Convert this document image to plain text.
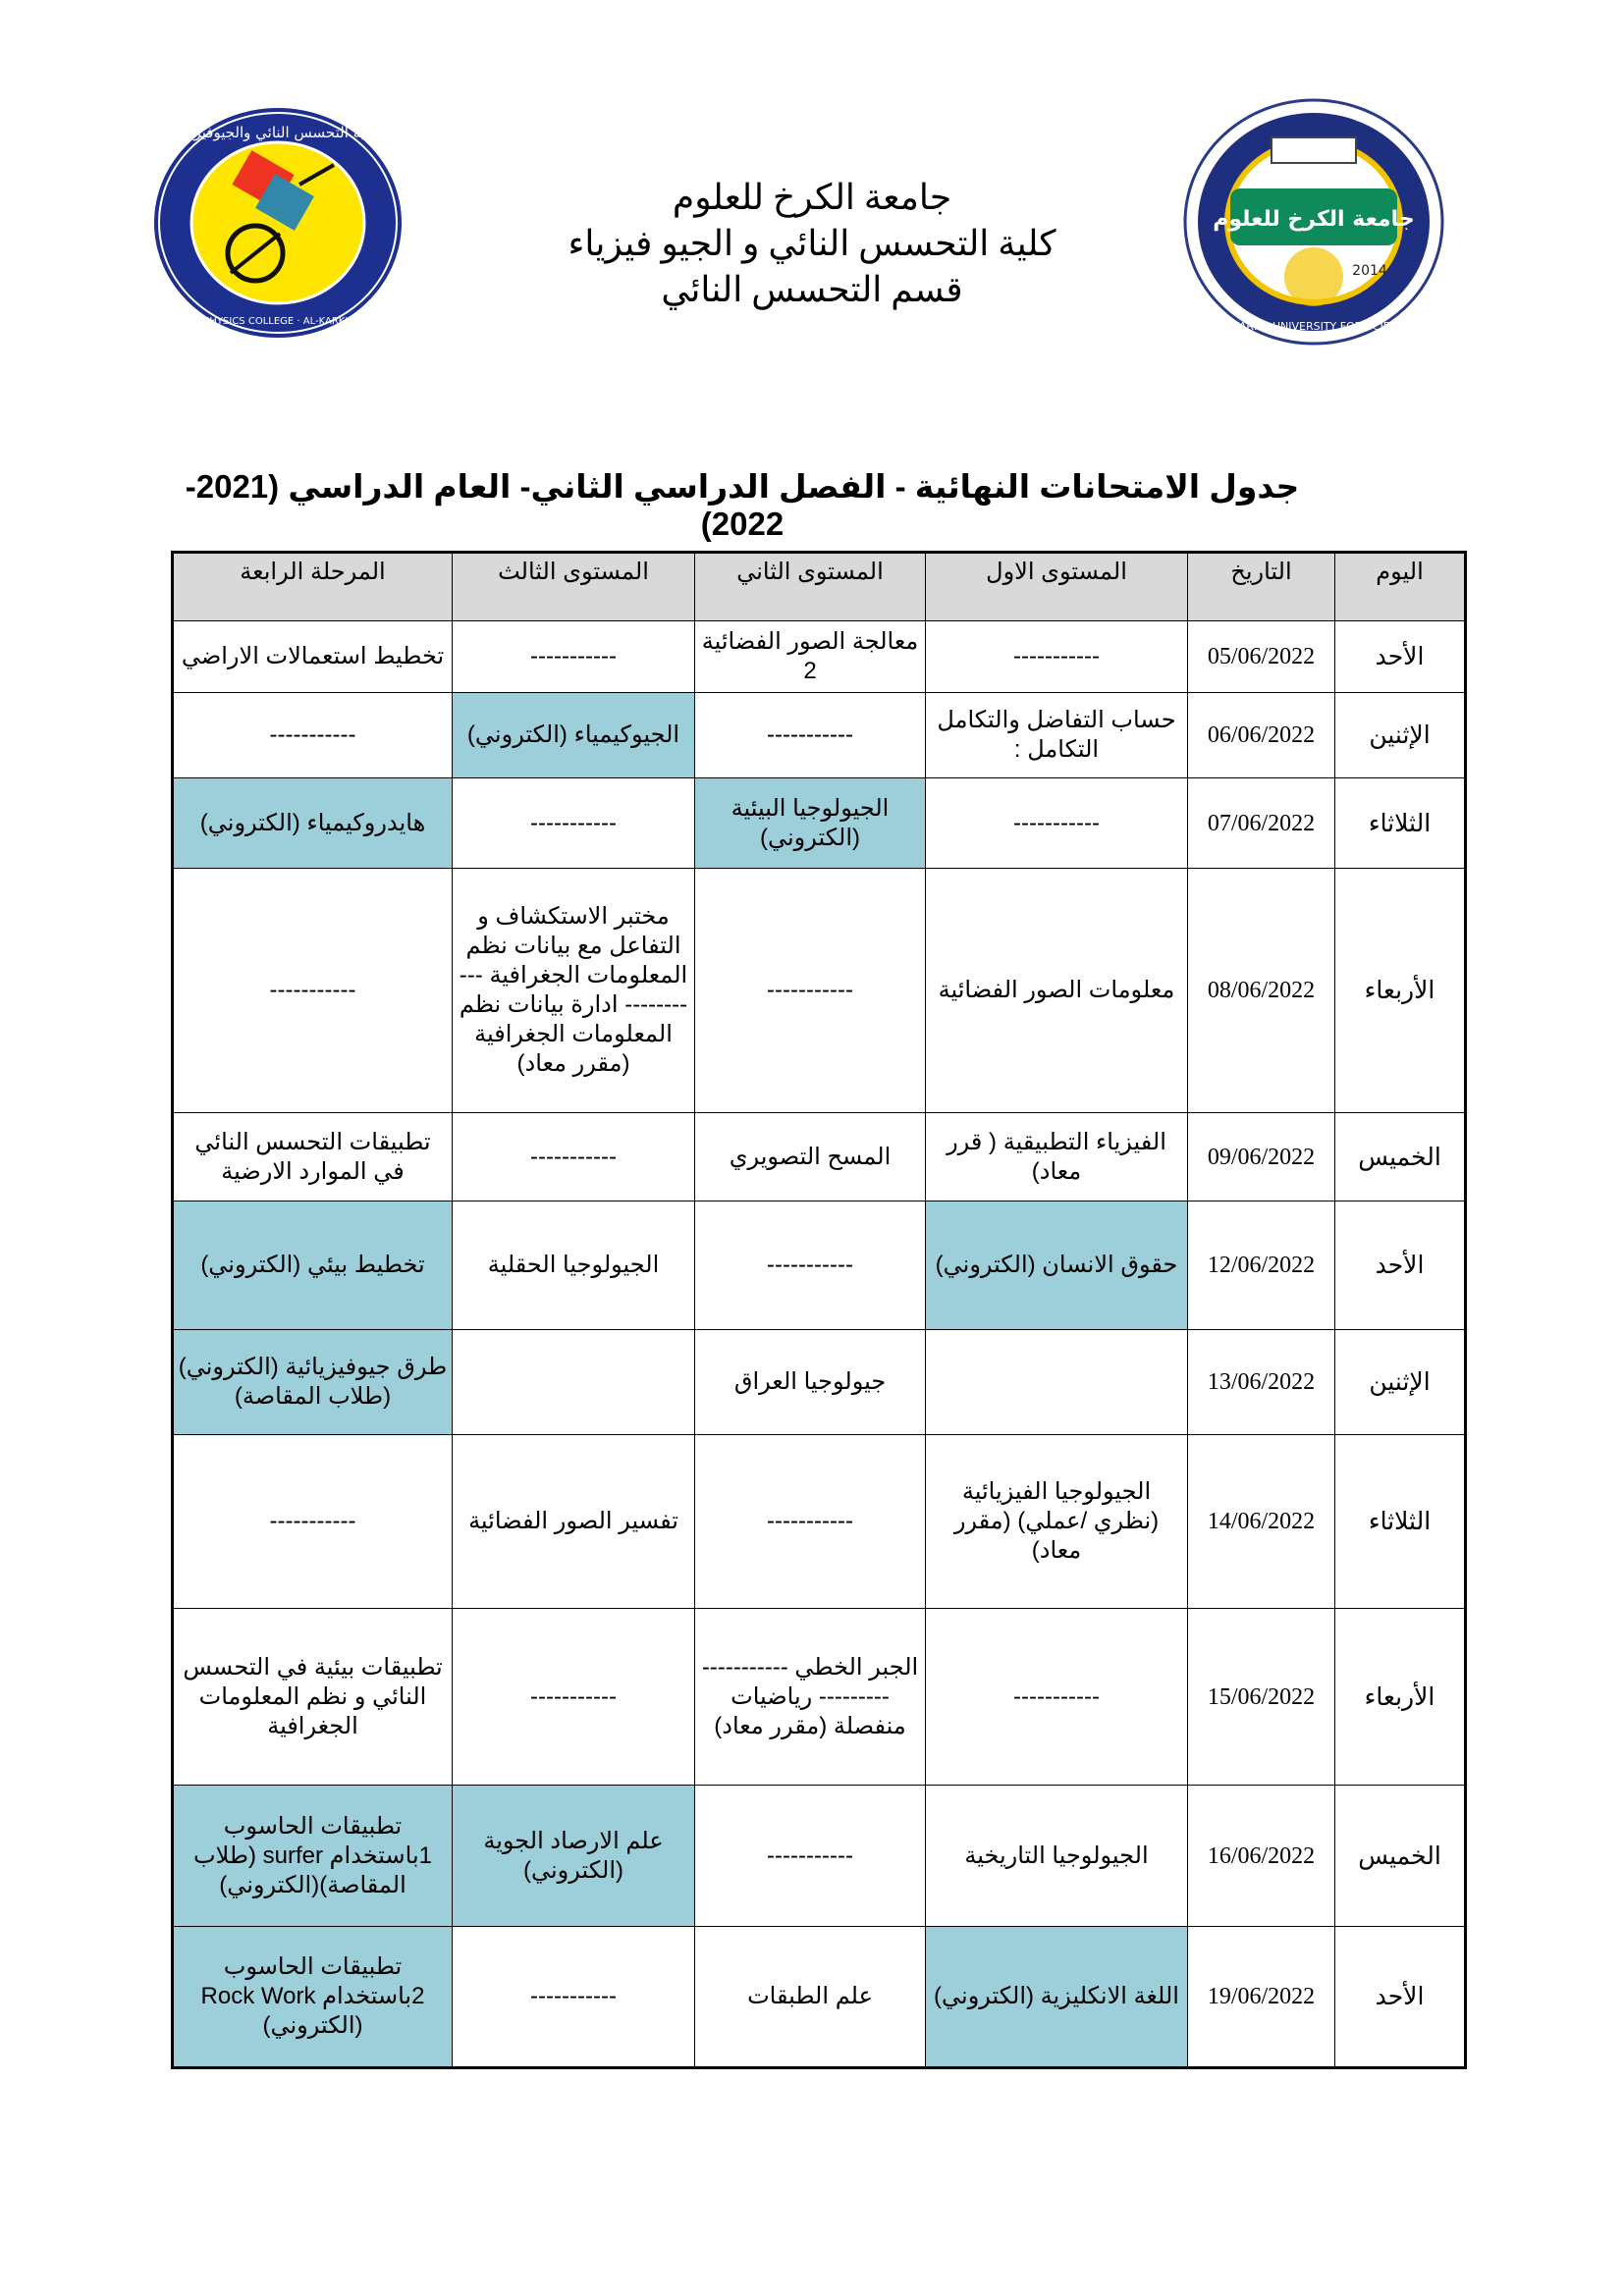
كلية التحسس النائي والجيوفيزياء
REMOTE SENSING & GEOPHYSICS COLLEGE · AL-KARKH UNIVERSITY OF SCIENCE
جامعة الكرخ للعلوم
2014
AL-KARKH UNIVERSITY FOR SCIENCE
جامعة الكرخ للعلوم
كلية التحسس النائي و الجيو فيزياء
قسم التحسس النائي
جدول الامتحانات النهائية - الفصل الدراسي الثاني- العام الدراسي (2021-2022)
اليوم	التاريخ	المستوى الاول	المستوى الثاني	المستوى الثالث	المرحلة الرابعة
الأحد	05/06/2022	-----------	معالجة الصور الفضائية 2	-----------	تخطيط استعمالات الاراضي
الإثنين	06/06/2022	حساب التفاضل والتكامل التكامل :	-----------	الجيوكيمياء (الكتروني)	-----------
الثلاثاء	07/06/2022	-----------	الجيولوجيا البيئية (الكتروني)	-----------	هايدروكيمياء (الكتروني)
الأربعاء	08/06/2022	معلومات الصور الفضائية	-----------	مختبر الاستكشاف و التفاعل مع بيانات نظم المعلومات الجغرافية ----------- ادارة بيانات نظم المعلومات الجغرافية (مقرر معاد)	-----------
الخميس	09/06/2022	الفيزياء التطبيقية ( قرر معاد)	المسح التصويري	-----------	تطبيقات التحسس النائي في الموارد الارضية
الأحد	12/06/2022	حقوق الانسان (الكتروني)	-----------	الجيولوجيا الحقلية	تخطيط بيئي (الكتروني)
الإثنين	13/06/2022		جيولوجيا العراق		طرق جيوفيزيائية (الكتروني) (طلاب المقاصة)
الثلاثاء	14/06/2022	الجيولوجيا الفيزيائية (نظري /عملي) (مقرر معاد)	-----------	تفسير الصور الفضائية	-----------
الأربعاء	15/06/2022	-----------	الجبر الخطي -------------------- رياضيات منفصلة (مقرر معاد)	-----------	تطبيقات بيئية في التحسس النائي و نظم المعلومات الجغرافية
الخميس	16/06/2022	الجيولوجيا التاريخية	-----------	علم الارصاد الجوية (الكتروني)	تطبيقات الحاسوب 1باستخدام surfer (طلاب المقاصة)(الكتروني)
الأحد	19/06/2022	اللغة الانكليزية (الكتروني)	علم الطبقات	-----------	تطبيقات الحاسوب 2باستخدام Rock Work (الكتروني)
